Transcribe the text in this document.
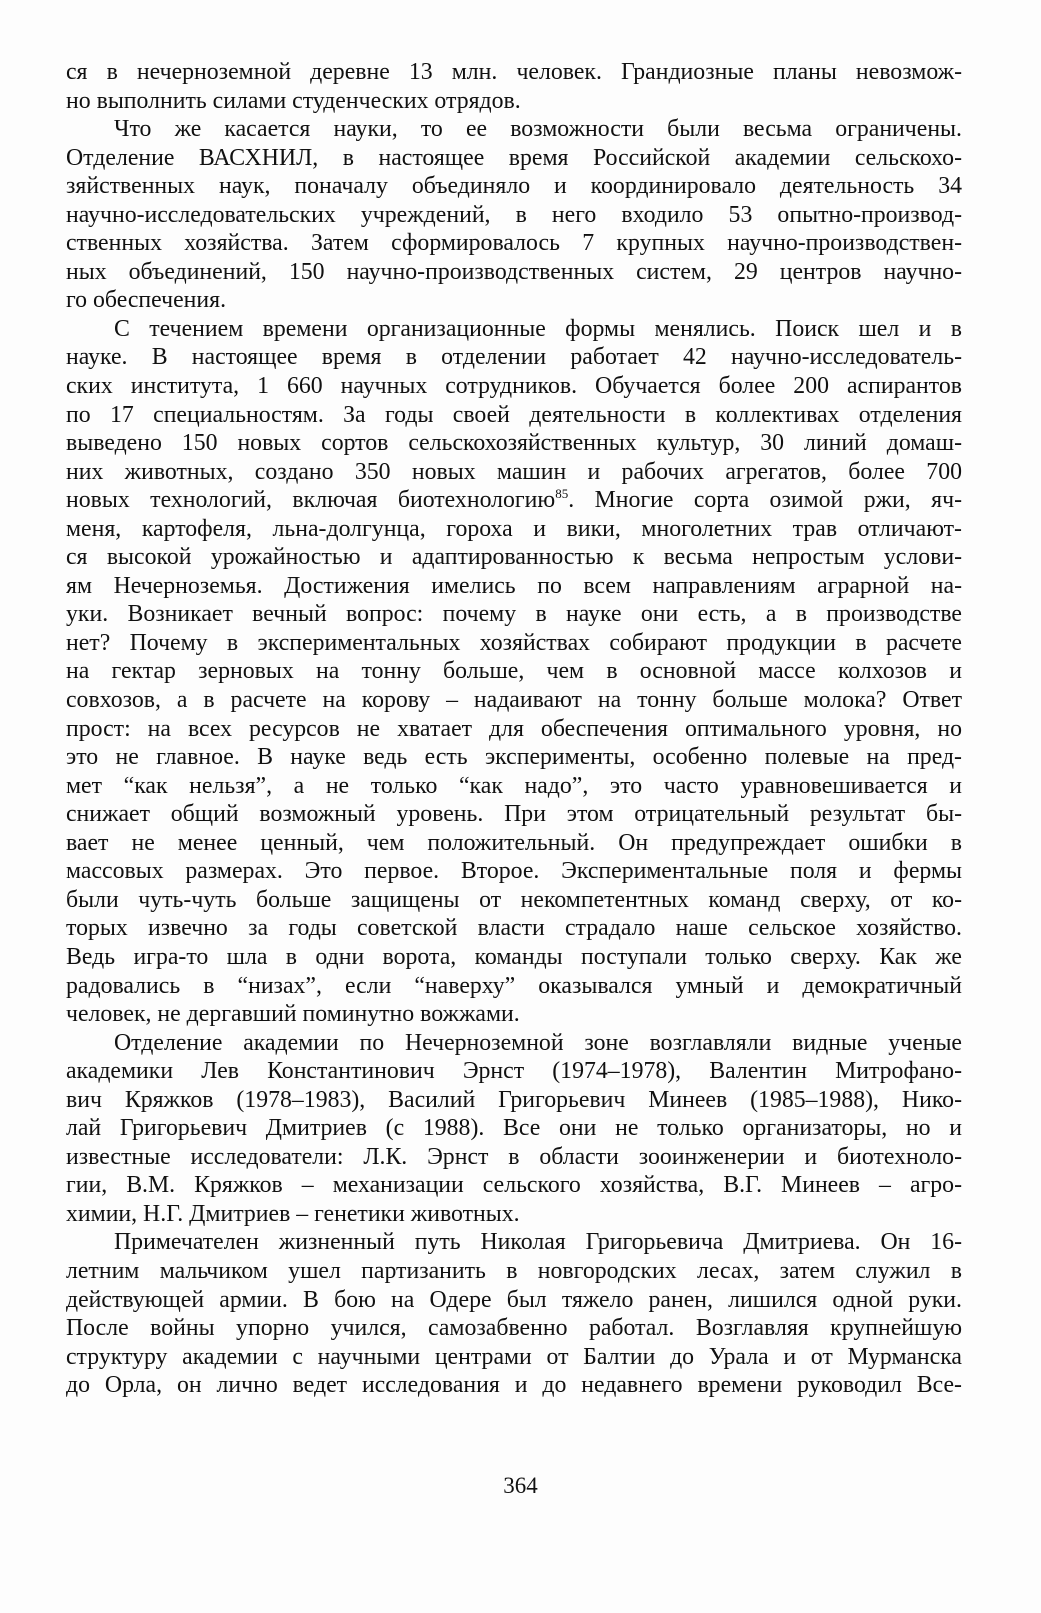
ся в нечерноземной деревне 13 млн. человек. Грандиозные планы невозмож-
но выполнить силами студенческих отрядов.
Что же касается науки, то ее возможности были весьма ограничены.
Отделение ВАСХНИЛ, в настоящее время Российской академии сельскохо-
зяйственных наук, поначалу объединяло и координировало деятельность 34
научно-исследовательских учреждений, в него входило 53 опытно-производ-
ственных хозяйства. Затем сформировалось 7 крупных научно-производствен-
ных объединений, 150 научно-производственных систем, 29 центров научно-
го обеспечения.
С течением времени организационные формы менялись. Поиск шел и в
науке. В настоящее время в отделении работает 42 научно-исследователь-
ских института, 1 660 научных сотрудников. Обучается более 200 аспирантов
по 17 специальностям. За годы своей деятельности в коллективах отделения
выведено 150 новых сортов сельскохозяйственных культур, 30 линий домаш-
них животных, создано 350 новых машин и рабочих агрегатов, более 700
новых технологий, включая биотехнологию$^{85}$. Многие сорта озимой ржи, яч-
меня, картофеля, льна-долгунца, гороха и вики, многолетних трав отличают-
ся высокой урожайностью и адаптированностью к весьма непростым услови-
ям Нечерноземья. Достижения имелись по всем направлениям аграрной на-
уки. Возникает вечный вопрос: почему в науке они есть, а в производстве
нет? Почему в экспериментальных хозяйствах собирают продукции в расчете
на гектар зерновых на тонну больше, чем в основной массе колхозов и
совхозов, а в расчете на корову – надаивают на тонну больше молока? Ответ
прост: на всех ресурсов не хватает для обеспечения оптимального уровня, но
это не главное. В науке ведь есть эксперименты, особенно полевые на пред-
мет “как нельзя”, а не только “как надо”, это часто уравновешивается и
снижает общий возможный уровень. При этом отрицательный результат бы-
вает не менее ценный, чем положительный. Он предупреждает ошибки в
массовых размерах. Это первое. Второе. Экспериментальные поля и фермы
были чуть-чуть больше защищены от некомпетентных команд сверху, от ко-
торых извечно за годы советской власти страдало наше сельское хозяйство.
Ведь игра-то шла в одни ворота, команды поступали только сверху. Как же
радовались в “низах”, если “наверху” оказывался умный и демократичный
человек, не дергавший поминутно вожжами.
Отделение академии по Нечерноземной зоне возглавляли видные ученые
академики Лев Константинович Эрнст (1974–1978), Валентин Митрофано-
вич Кряжков (1978–1983), Василий Григорьевич Минеев (1985–1988), Нико-
лай Григорьевич Дмитриев (с 1988). Все они не только организаторы, но и
известные исследователи: Л.К. Эрнст в области зооинженерии и биотехноло-
гии, В.М. Кряжков – механизации сельского хозяйства, В.Г. Минеев – агро-
химии, Н.Г. Дмитриев – генетики животных.
Примечателен жизненный путь Николая Григорьевича Дмитриева. Он 16-
летним мальчиком ушел партизанить в новгородских лесах, затем служил в
действующей армии. В бою на Одере был тяжело ранен, лишился одной руки.
После войны упорно учился, самозабвенно работал. Возглавляя крупнейшую
структуру академии с научными центрами от Балтии до Урала и от Мурманска
до Орла, он лично ведет исследования и до недавнего времени руководил Все-
364
